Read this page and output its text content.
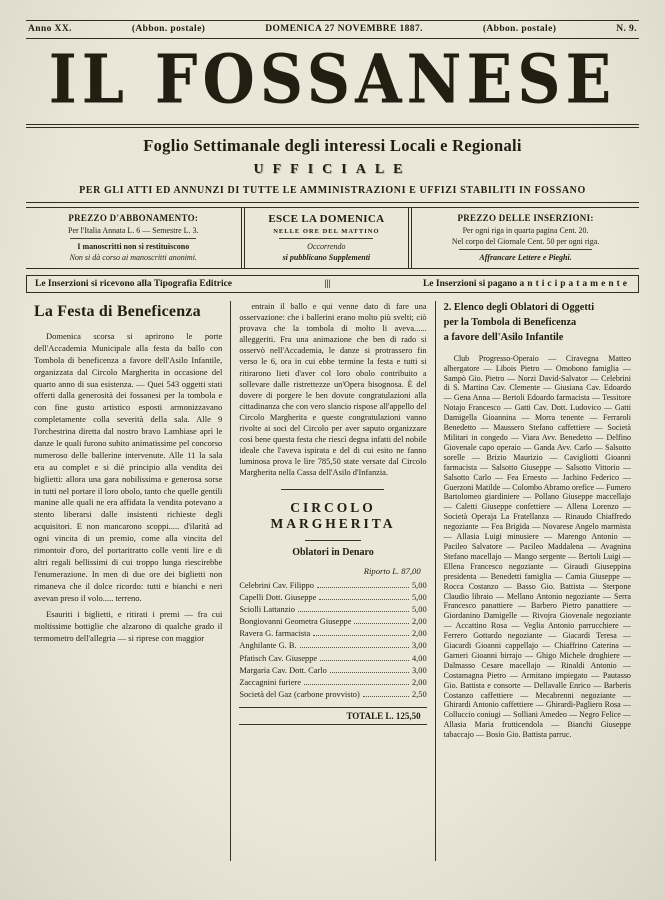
Anno XX.	(Abbon. postale)	DOMENICA 27 NOVEMBRE 1887.	(Abbon. postale)	N. 9.
IL FOSSANESE
Foglio Settimanale degli interessi Locali e Regionali
UFFICIALE
PER GLI ATTI ED ANNUNZI DI TUTTE LE AMMINISTRAZIONI E UFFIZI STABILITI IN FOSSANO
PREZZO D'ABBONAMENTO:
Per l'Italia Annata L. 6 — Semestre L. 3.
I manoscritti non si restituiscono
Non si dà corso ai manoscritti anonimi.
ESCE LA DOMENICA
NELLE ORE DEL MATTINO
Occorrendo
si pubblicano Supplementi
PREZZO DELLE INSERZIONI:
Per ogni riga in quarta pagina Cent. 20.
Nel corpo del Giornale Cent. 50 per ogni riga.
Affrancare Lettere e Pieghi.
Le Inserzioni si ricevono alla Tipografia Editrice	|||	Le Inserzioni si pagano anticipatamente
La Festa di Beneficenza

Domenica scorsa si aprirono le porte dell'Accademia Municipale alla festa da ballo con Tombola di beneficenza a favore dell'Asilo Infantile, organizzata dal Circolo Margherita in occasione del quarto anno di sua esistenza. — Quei 543 oggetti stati offerti dalla generosità dei fossanesi per la tombola e con fine gusto artistico esposti armonizzavano completamente colla severità della sala. Alle 9 l'orchestrina diretta dal nostro bravo Lambiase aprì le danze le quali furono subito animatissime pel concorso numeroso delle ballerine intervenute. Alle 11 la sala era au complet e si diè principio alla vendita dei biglietti: allora una gara nobilissima e generosa sorse in tutti nel portare il loro obolo, tanto che quelle gentili manine alle quali ne era affidata la vendita potevano a stento liberarsi dalle insistenti richieste degli acquisitori. E non mancarono scoppi..... d'ilarità ad ogni vincita di un premio, come alla vincita del rimontoir d'oro, del portaritratto colle venti lire e di altri regali bellissimi di cui troppo lunga riescirebbe l'enumerazione. In men di due ore dei biglietti non rimaneva che il dolce ricordo: tutti e bianchi e neri avevan preso il volo..... terreno.

Esauriti i biglietti, e ritirati i premi — fra cui moltissime bottiglie che alzarono di qualche grado il termometro dell'allegria — si riprese con maggior

entrain il ballo e qui venne dato di fare una osservazione: che i ballerini erano molto più svelti; ciò provava che la tombola di molto li aveva...... alleggeriti. Fra una animazione che ben di rado si osservò nell'Accademia, le danze si protrassero fin verso le 6, ora in cui ebbe termine la festa e tutti si ritirarono lieti d'aver col loro obolo contribuito a sollevare dalle ristrettezze un'Opera bisognosa. È del dovere di porgere le ben dovute congratulazioni alla cittadinanza che con vero slancio rispose all'appello del Circolo Margherita e queste congratulazioni vanno rivolte ai soci del Circolo per aver saputo organizzare così bene questa festa che riescì degna infatti del nobile ideale che l'aveva ispirata e del di cui esito ne fanno luminosa prova le lire 785,50 state versate dal Circolo Margherita nella Cassa dell'Asilo d'Infanzia.

CIRCOLO MARGHERITA
Oblatori in Denaro
Riporto L. 87,00
Celebrini Cav. Filippo	5,00
Capelli Dott. Giuseppe	5,00
Sciolli Lattanzio	5,00
Bongiovanni Geometra Giuseppe	2,00
Ravera G. farmacista	2,00
Anghilante G. B.	3,00
Pfatisch Cav. Giuseppe	4,00
Margaria Cav. Dott. Carlo	3,00
Zaccagnini furiere	2,00
Società del Gaz (carbone provvisto)	2,50
TOTALE L. 125,50
2. Elenco degli Oblatori di Oggetti
per la Tombola di Beneficenza
a favore dell'Asilo Infantile

Club Progresso-Operaio — Ciravegna Matteo albergatore — Libois Pietro — Omobono famiglia — Sampò Gio. Pietro — Norzi David-Salvator — Celebrini di S. Martino Cav. Clemente — Giusiana Cav. Edoardo — Gena Anna — Bertoli Edoardo farmacista — Tessitore Notajo Francesco — Gatti Cav. Dott. Ludovico — Gatti Damigella Gioannina — Morra tenente — Ferraroli Benedetto — Maussero Stefano caffettiere — Società Militari in congedo — Viara Avv. Benedetto — Delfino Giovenale capo operaio — Ganda Avv. Carlo — Salsotto sorelle — Brizio Maurizio — Cavigliotti Gioanni farmacista — Salsotto Giuseppe — Salsotto Vittorio — Salsotto Carlo — Fea Ernesto — Jachino Federico — Guerzoni Matilde — Colombo Abramo orefice — Fumero Bartolomeo giardiniere — Pollano Giuseppe maccellajo — Caletti Giuseppe confettiere — Allena Lorenzo — Società Operaja La Fratellanza — Rinaudo Chiaffredo negoziante — Fea Brigida — Novarese Angelo marmista — Allasia Luigi minusiere — Marengo Antonio — Pacileo Salvatore — Pacileo Maddalena — Avagnina Stefano macellajo — Mango sergente — Bertoli Luigi — Ellena Francesco negoziante — Giraudi Giuseppina presidenta — Benedetti famiglia — Camia Giuseppe — Rocca Costanzo — Basso Gio. Battista — Sterpone Claudio libraio — Mellano Antonio negoziante — Serra Francesco panattiere — Barbero Pietro panattiere — Giordanino Damigelle — Rivojra Giovenale negoziante — Accattino Rosa — Veglia Antonio parrucchiere — Ferrero Gottardo negoziante — Giacardi Teresa — Giacardi Gioanni cappellajo — Chiaffrino Caterina — Garneri Gioanni birrajo — Ghigo Michele droghiere — Dalmasso Cesare macellajo — Rinaldi Antonio — Costamagna Pietro — Armitano impiegato — Pautasso Gio. Battista e consorte — Dellavalle Enrico — Barberis Costanzo caffettiere — Mecabrenni negoziante — Ghirardi Antonio caffettiere — Ghirardi-Pagliero Rosa — Colluccio coniugi — Solliani Amedeo — Negro Felice — Allasia Maria frutticendola — Bianchi Giuseppe tabaccajo — Bosio Gio. Battista parruc.
